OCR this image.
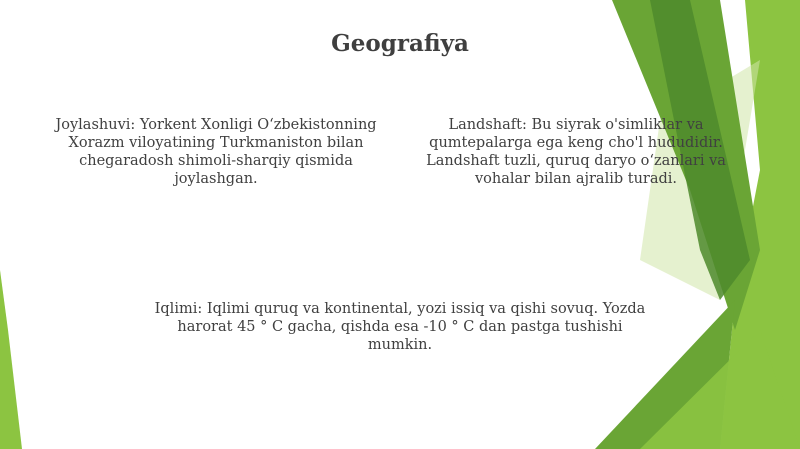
Geografiya
Joylashuvi: Yorkent Xonligi O‘zbekistonning Xorazm viloyatining Turkmaniston bilan chegaradosh shimoli-sharqiy qismida joylashgan.
Landshaft: Bu siyrak o'simliklar va qumtepalarga ega keng cho'l hududidir. Landshaft tuzli, quruq daryo o‘zanlari va vohalar bilan ajralib turadi.
Iqlimi: Iqlimi quruq va kontinental, yozi issiq va qishi sovuq. Yozda harorat 45 ° C gacha, qishda esa -10 ° C dan pastga tushishi mumkin.
